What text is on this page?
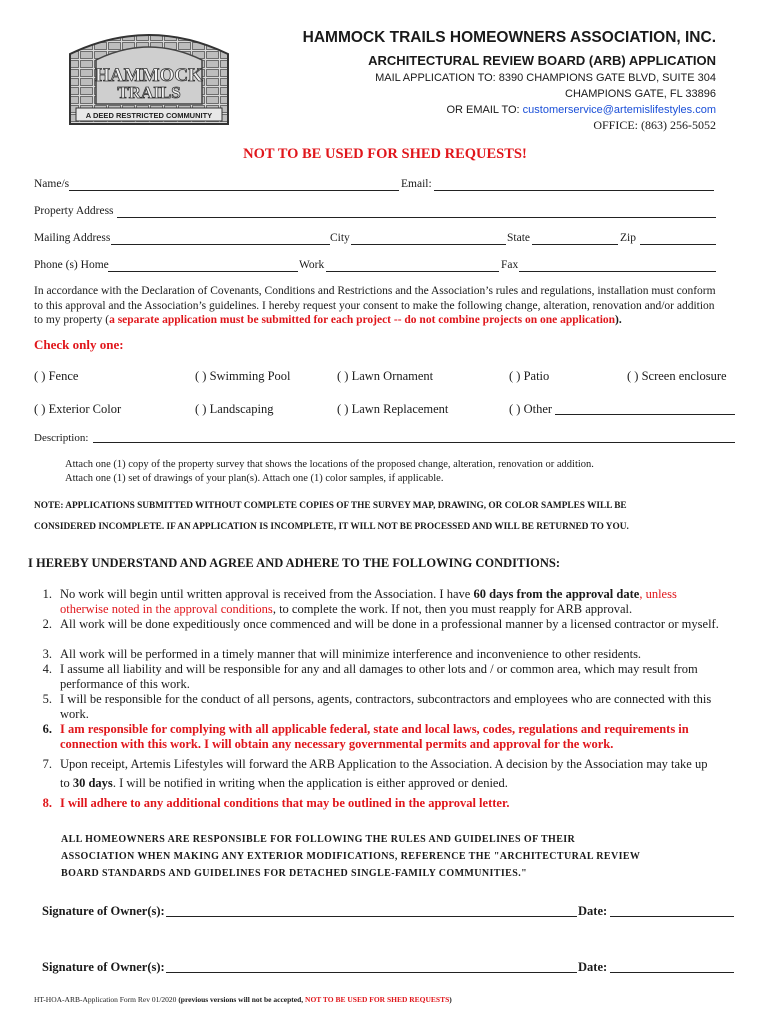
HAMMOCK
TRAILS
A DEED RESTRICTED COMMUNITY
HAMMOCK TRAILS HOMEOWNERS ASSOCIATION, INC.
ARCHITECTURAL REVIEW BOARD (ARB) APPLICATION
MAIL APPLICATION TO: 8390 CHAMPIONS GATE BLVD, SUITE 304
CHAMPIONS GATE, FL 33896
OR EMAIL TO: customerservice@artemislifestyles.com
OFFICE: (863) 256-5052
NOT TO BE USED FOR SHED REQUESTS!
Name/s	Email:
Property Address
Mailing Address	City	State	Zip
Phone (s) Home	Work	Fax
In accordance with the Declaration of Covenants, Conditions and Restrictions and the Association’s rules and regulations, installation must conform to this approval and the Association’s guidelines. I hereby request your consent to make the following change, alteration, renovation and/or addition to my property (a separate application must be submitted for each project -- do not combine projects on one application).
Check only one:
( ) Fence	( ) Swimming Pool	( ) Lawn Ornament	( ) Patio	( ) Screen enclosure
( ) Exterior Color	( ) Landscaping	( ) Lawn Replacement	( ) Other
Description:
Attach one (1) copy of the property survey that shows the locations of the proposed change, alteration, renovation or addition.
Attach one (1) set of drawings of your plan(s). Attach one (1) color samples, if applicable.
NOTE: APPLICATIONS SUBMITTED WITHOUT COMPLETE COPIES OF THE SURVEY MAP, DRAWING, OR COLOR SAMPLES WILL BE
CONSIDERED INCOMPLETE. IF AN APPLICATION IS INCOMPLETE, IT WILL NOT BE PROCESSED AND WILL BE RETURNED TO YOU.
I HEREBY UNDERSTAND AND AGREE AND ADHERE TO THE FOLLOWING CONDITIONS:
1. No work will begin until written approval is received from the Association. I have 60 days from the approval date, unless otherwise noted in the approval conditions, to complete the work. If not, then you must reapply for ARB approval.
2. All work will be done expeditiously once commenced and will be done in a professional manner by a licensed contractor or myself.
3. All work will be performed in a timely manner that will minimize interference and inconvenience to other residents.
4. I assume all liability and will be responsible for any and all damages to other lots and / or common area, which may result from performance of this work.
5. I will be responsible for the conduct of all persons, agents, contractors, subcontractors and employees who are connected with this work.
6. I am responsible for complying with all applicable federal, state and local laws, codes, regulations and requirements in connection with this work. I will obtain any necessary governmental permits and approval for the work.
7. Upon receipt, Artemis Lifestyles will forward the ARB Application to the Association. A decision by the Association may take up to 30 days. I will be notified in writing when the application is either approved or denied.
8. I will adhere to any additional conditions that may be outlined in the approval letter.
ALL HOMEOWNERS ARE RESPONSIBLE FOR FOLLOWING THE RULES AND GUIDELINES OF THEIR
ASSOCIATION WHEN MAKING ANY EXTERIOR MODIFICATIONS, REFERENCE THE "ARCHITECTURAL REVIEW
BOARD STANDARDS AND GUIDELINES FOR DETACHED SINGLE-FAMILY COMMUNITIES."
Signature of Owner(s):	Date:
Signature of Owner(s):	Date:
HT-HOA-ARB-Application Form Rev 01/2020 (previous versions will not be accepted, NOT TO BE USED FOR SHED REQUESTS)
